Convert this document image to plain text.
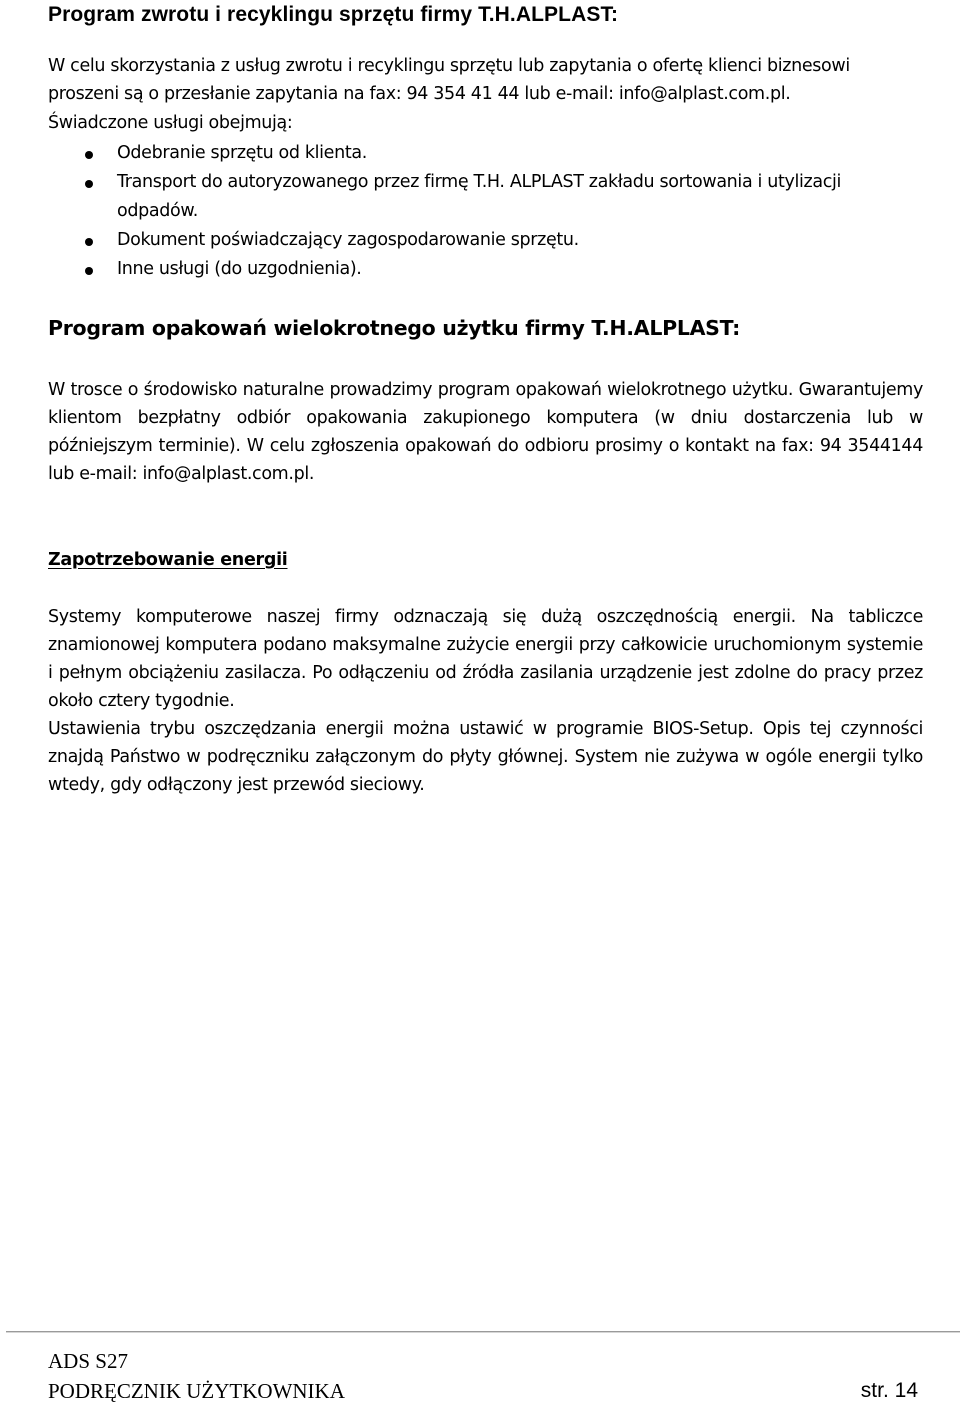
Program zwrotu i recyklingu sprzętu firmy T.H.ALPLAST:

W celu skorzystania z usług zwrotu i recyklingu sprzętu lub zapytania o ofertę klienci biznesowi proszeni są o przesłanie zapytania na fax: 94 354 41 44 lub e-mail: info@alplast.com.pl.

Świadczone usługi obejmują:

Odebranie sprzętu od klienta.
Transport do autoryzowanego przez firmę T.H. ALPLAST zakładu sortowania i utylizacji odpadów.
Dokument poświadczający zagospodarowanie sprzętu.
Inne usługi (do uzgodnienia).
Program opakowań wielokrotnego użytku firmy T.H.ALPLAST:

W trosce o środowisko naturalne prowadzimy program opakowań wielokrotnego użytku. Gwarantujemy klientom bezpłatny odbiór opakowania zakupionego komputera (w dniu dostarczenia lub w późniejszym terminie). W celu zgłoszenia opakowań do odbioru prosimy o kontakt na fax: 94 3544144 lub e-mail: info@alplast.com.pl.

Zapotrzebowanie energii

Systemy komputerowe naszej firmy odznaczają się dużą oszczędnością energii. Na tabliczce znamionowej komputera podano maksymalne zużycie energii przy całkowicie uruchomionym systemie i pełnym obciążeniu zasilacza. Po odłączeniu od źródła zasilania urządzenie jest zdolne do pracy przez około cztery tygodnie.

Ustawienia trybu oszczędzania energii można ustawić w programie BIOS-Setup. Opis tej czynności znajdą Państwo w podręczniku załączonym do płyty głównej. System nie zużywa w ogóle energii tylko wtedy, gdy odłączony jest przewód sieciowy.

ADS S27
PODRĘCZNIK UŻYTKOWNIKA	str. 14
